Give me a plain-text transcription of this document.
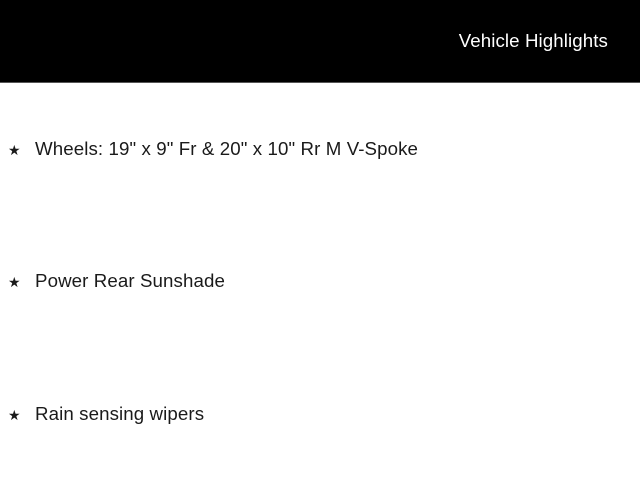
Vehicle Highlights
★ Wheels: 19" x 9" Fr & 20" x 10" Rr M V-Spoke
★ Power Rear Sunshade
★ Rain sensing wipers
